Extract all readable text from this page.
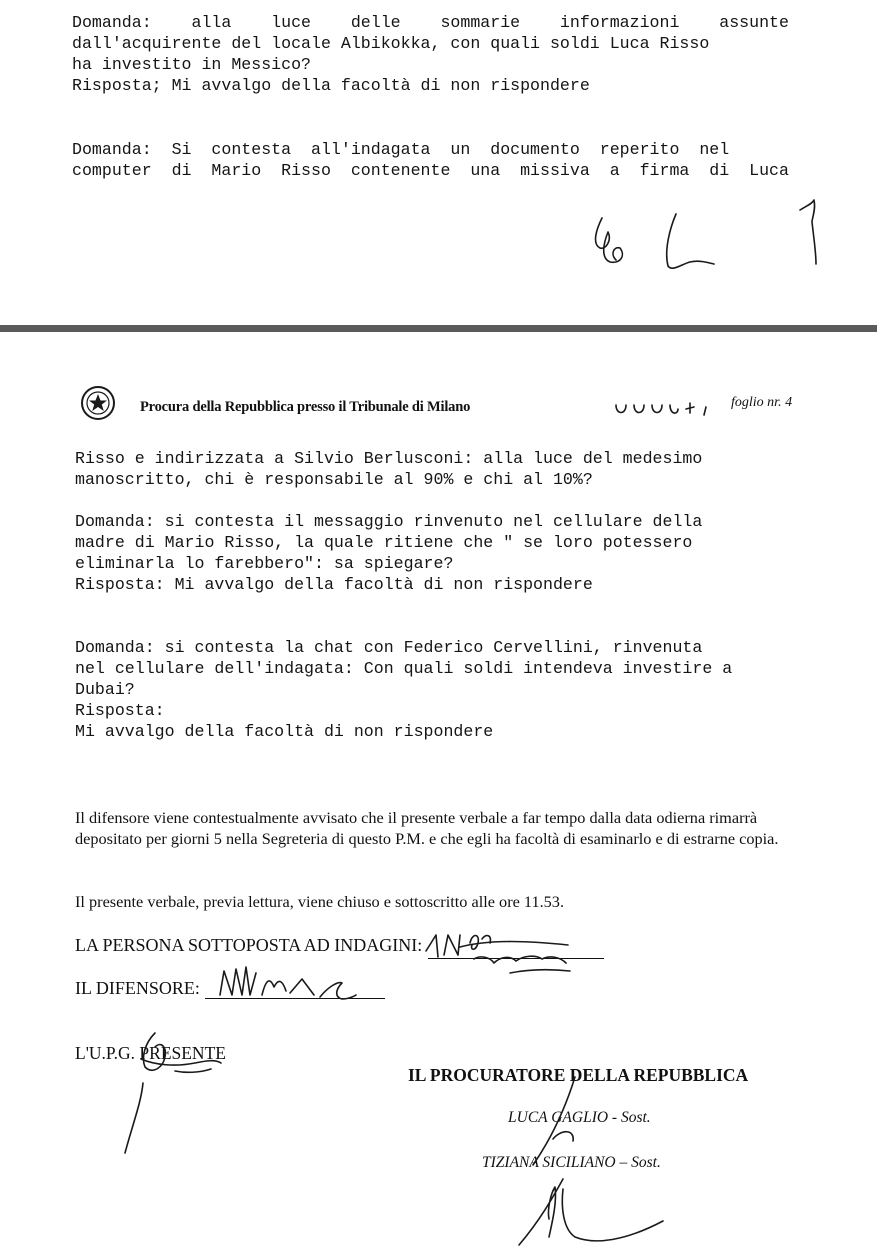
Domanda:    alla    luce    delle    sommarie    informazioni    assunte
dall'acquirente del locale Albikokka, con quali soldi Luca Risso
ha investito in Messico?
Risposta; Mi avvalgo della facoltà di non rispondere
Domanda:  Si  contesta  all'indagata  un  documento  reperito  nel
computer  di  Mario  Risso  contenente  una  missiva  a  firma  di  Luca
Procura della Repubblica presso il Tribunale di Milano	foglio nr. 4
Risso e indirizzata a Silvio Berlusconi: alla luce del medesimo
manoscritto, chi è responsabile al 90% e chi al 10%?
Domanda: si contesta il messaggio rinvenuto nel cellulare della
madre di Mario Risso, la quale ritiene che " se loro potessero
eliminarla lo farebbero": sa spiegare?
Risposta: Mi avvalgo della facoltà di non rispondere
Domanda: si contesta la chat con Federico Cervellini, rinvenuta
nel cellulare dell'indagata: Con quali soldi intendeva investire a
Dubai?
Risposta:
Mi avvalgo della facoltà di non rispondere

Il difensore viene contestualmente avvisato che il presente verbale a far tempo dalla data odierna rimarrà depositato per giorni 5 nella Segreteria di questo P.M. e che egli ha facoltà di esaminarlo e di estrarne copia.

Il presente verbale, previa lettura, viene chiuso e sottoscritto alle ore 11.53.

LA PERSONA SOTTOPOSTA AD INDAGINI:
IL DIFENSORE:
L'U.P.G. PRESENTE
IL PROCURATORE DELLA REPUBBLICA
LUCA GAGLIO - Sost.
TIZIANA SICILIANO – Sost.
